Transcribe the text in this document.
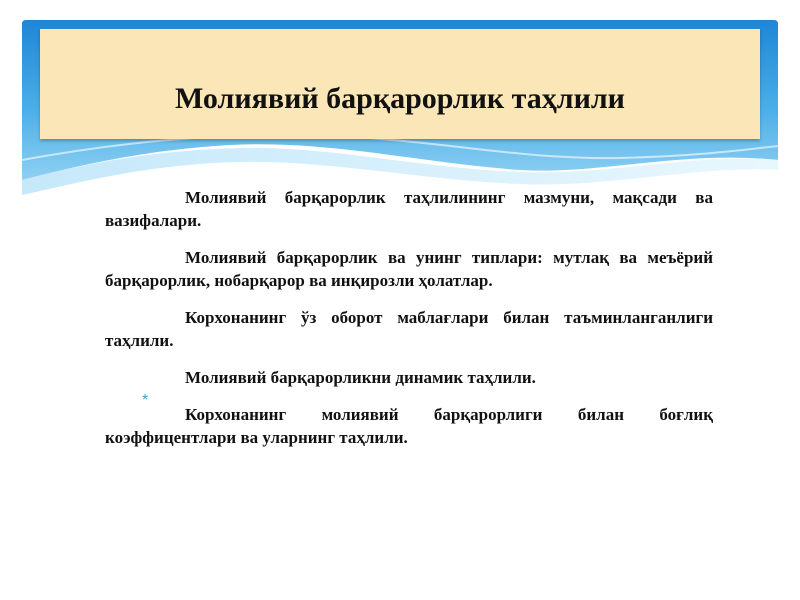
Молиявий барқарорлик таҳлили
*

Молиявий барқарорлик таҳлилининг мазмуни, мақсади ва вазифалари.

Молиявий барқарорлик ва унинг типлари: мутлақ ва меъёрий барқарорлик, нобарқарор ва инқирозли ҳолатлар.

Корхонанинг ўз оборот маблағлари билан таъминланганлиги таҳлили.

Молиявий барқарорликни динамик таҳлили.

Корхонанинг молиявий барқарорлиги билан боғлиқ коэффицентлари ва уларнинг таҳлили.
